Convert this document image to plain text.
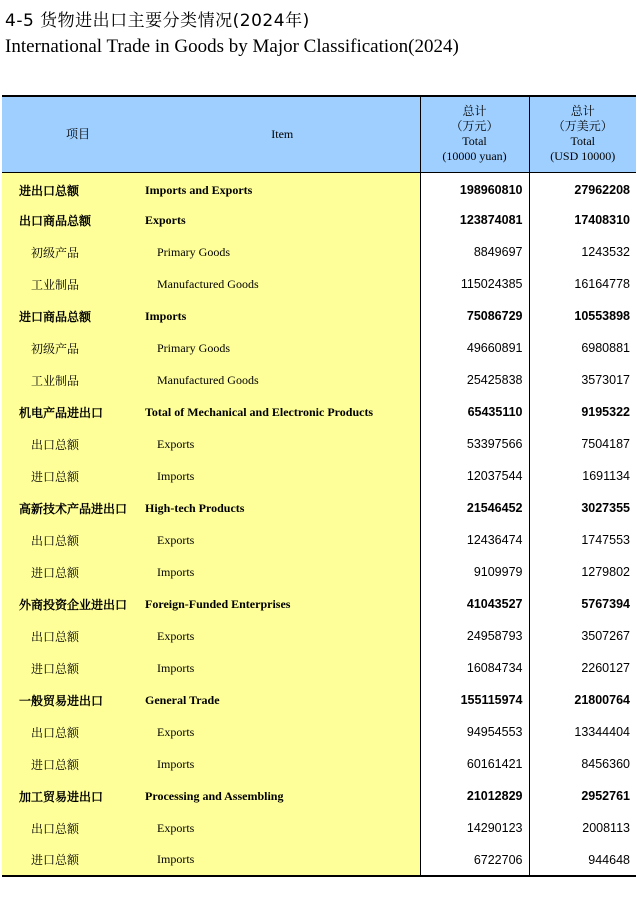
4-5 货物进出口主要分类情况(2024年)
International Trade in Goods by Major Classification(2024)
项目	Item	总计
（万元）
Total
(10000 yuan)	总计
（万美元）
Total
(USD 10000)

进出口总额	Imports and Exports	198960810	27962208
出口商品总额	Exports	123874081	17408310
初级产品	Primary Goods	8849697	1243532
工业制品	Manufactured Goods	115024385	16164778
进口商品总额	Imports	75086729	10553898
初级产品	Primary Goods	49660891	6980881
工业制品	Manufactured Goods	25425838	3573017
机电产品进出口	Total of Mechanical and Electronic Products	65435110	9195322
出口总额	Exports	53397566	7504187
进口总额	Imports	12037544	1691134
高新技术产品进出口	High-tech Products	21546452	3027355
出口总额	Exports	12436474	1747553
进口总额	Imports	9109979	1279802
外商投资企业进出口	Foreign-Funded Enterprises	41043527	5767394
出口总额	Exports	24958793	3507267
进口总额	Imports	16084734	2260127
一般贸易进出口	General Trade	155115974	21800764
出口总额	Exports	94954553	13344404
进口总额	Imports	60161421	8456360
加工贸易进出口	Processing and Assembling	21012829	2952761
出口总额	Exports	14290123	2008113
进口总额	Imports	6722706	944648
